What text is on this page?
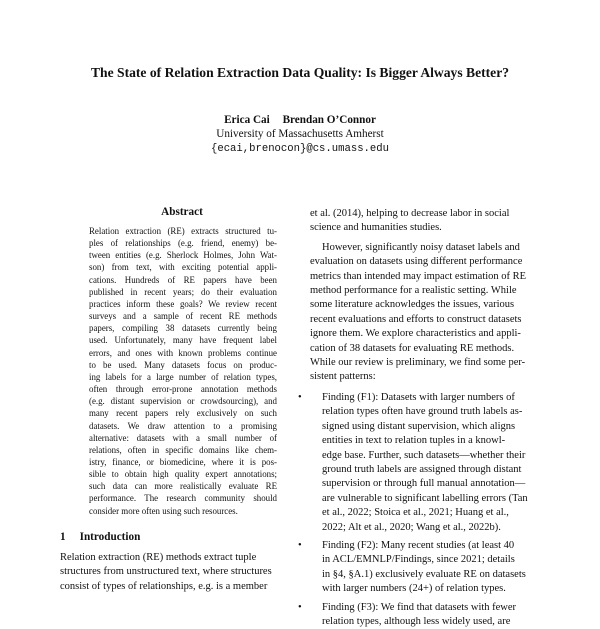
The State of Relation Extraction Data Quality: Is Bigger Always Better?
Erica Cai Brendan O’Connor
University of Massachusetts Amherst
{ecai,brenocon}@cs.umass.edu
Abstract
Relation extraction (RE) extracts structured tu-
ples of relationships (e.g. friend, enemy) be-
tween entities (e.g. Sherlock Holmes, John Wat-
son) from text, with exciting potential appli-
cations. Hundreds of RE papers have been
published in recent years; do their evaluation
practices inform these goals? We review recent
surveys and a sample of recent RE methods
papers, compiling 38 datasets currently being
used. Unfortunately, many have frequent label
errors, and ones with known problems continue
to be used. Many datasets focus on produc-
ing labels for a large number of relation types,
often through error-prone annotation methods
(e.g. distant supervision or crowdsourcing), and
many recent papers rely exclusively on such
datasets. We draw attention to a promising
alternative: datasets with a small number of
relations, often in specific domains like chem-
istry, finance, or biomedicine, where it is pos-
sible to obtain high quality expert annotations;
such data can more realistically evaluate RE
performance. The research community should
consider more often using such resources.
1 Introduction
Relation extraction (RE) methods extract tuple
structures from unstructured text, where structures
consist of types of relationships, e.g. is a member
et al. (2014), helping to decrease labor in social
science and humanities studies.
However, significantly noisy dataset labels and
evaluation on datasets using different performance
metrics than intended may impact estimation of RE
method performance for a realistic setting. While
some literature acknowledges the issues, various
recent evaluations and efforts to construct datasets
ignore them. We explore characteristics and appli-
cation of 38 datasets for evaluating RE methods.
While our review is preliminary, we find some per-
sistent patterns:
• Finding (F1): Datasets with larger numbers of
relation types often have ground truth labels as-
signed using distant supervision, which aligns
entities in text to relation tuples in a knowl-
edge base. Further, such datasets—whether their
ground truth labels are assigned through distant
supervision or through full manual annotation—
are vulnerable to significant labelling errors (Tan
et al., 2022; Stoica et al., 2021; Huang et al.,
2022; Alt et al., 2020; Wang et al., 2022b).
• Finding (F2): Many recent studies (at least 40
in ACL/EMNLP/Findings, since 2021; details
in §4, §A.1) exclusively evaluate RE on datasets
with larger numbers (24+) of relation types.
• Finding (F3): We find that datasets with fewer
relation types, although less widely used, are
